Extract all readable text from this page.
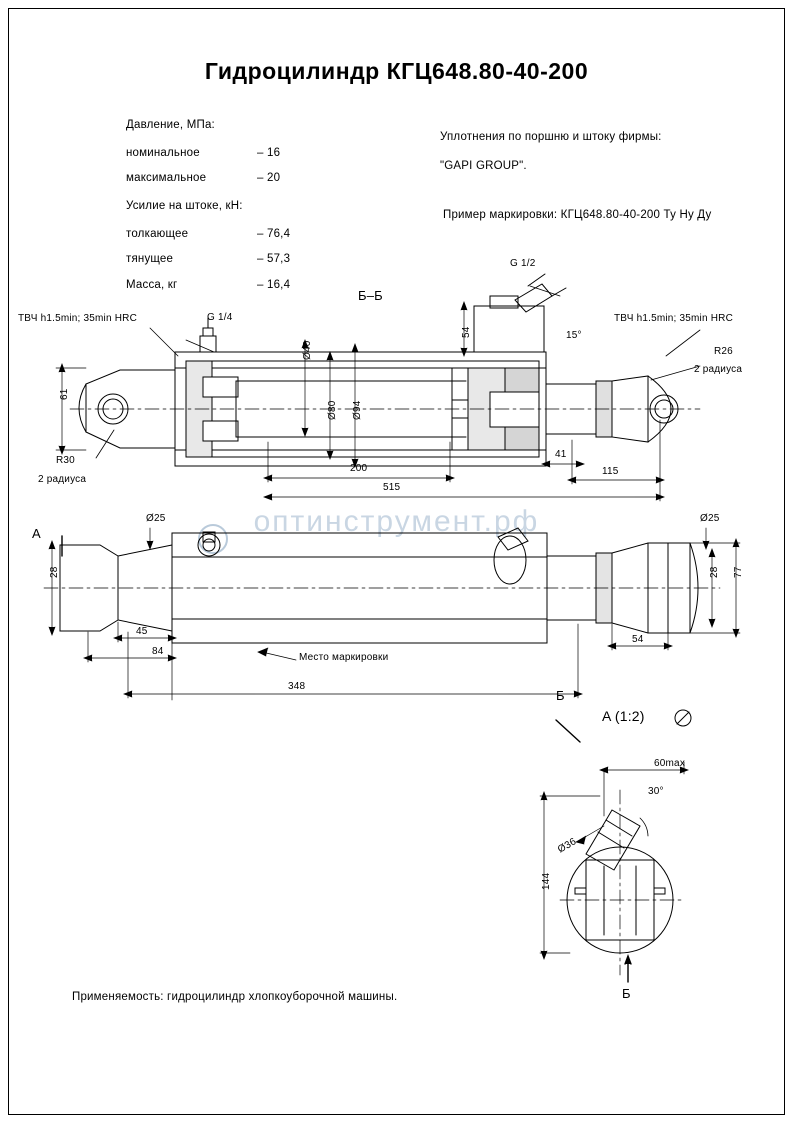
Гидроцилиндр КГЦ648.80-40-200
Давление, МПа:
номинальное	– 16
максимальное	– 20
Усилие на штоке, кН:
толкающее	– 76,4
тянущее	– 57,3
Масса, кг	– 16,4
Уплотнения по поршню и штоку фирмы:
"GAPI GROUP".
Пример маркировки: КГЦ648.80-40-200 Ту Ну Ду
Применяемость: гидроцилиндр хлопкоуборочной машины.
оптинструмент.рф
Б–Б
ТВЧ h1.5min; 35min HRC	ТВЧ h1.5min; 35min HRC
G 1/4
G 1/2
R30
2 радиуса
R26
2 радиуса
15°
Ø40
Ø80 Ø94
61
54
200
515
41
115
Ø25	Ø25
28	28 77
45
84
348
54
Место маркировки
А
Б
Б
A (1:2)
60max
30°
144
Ø36
